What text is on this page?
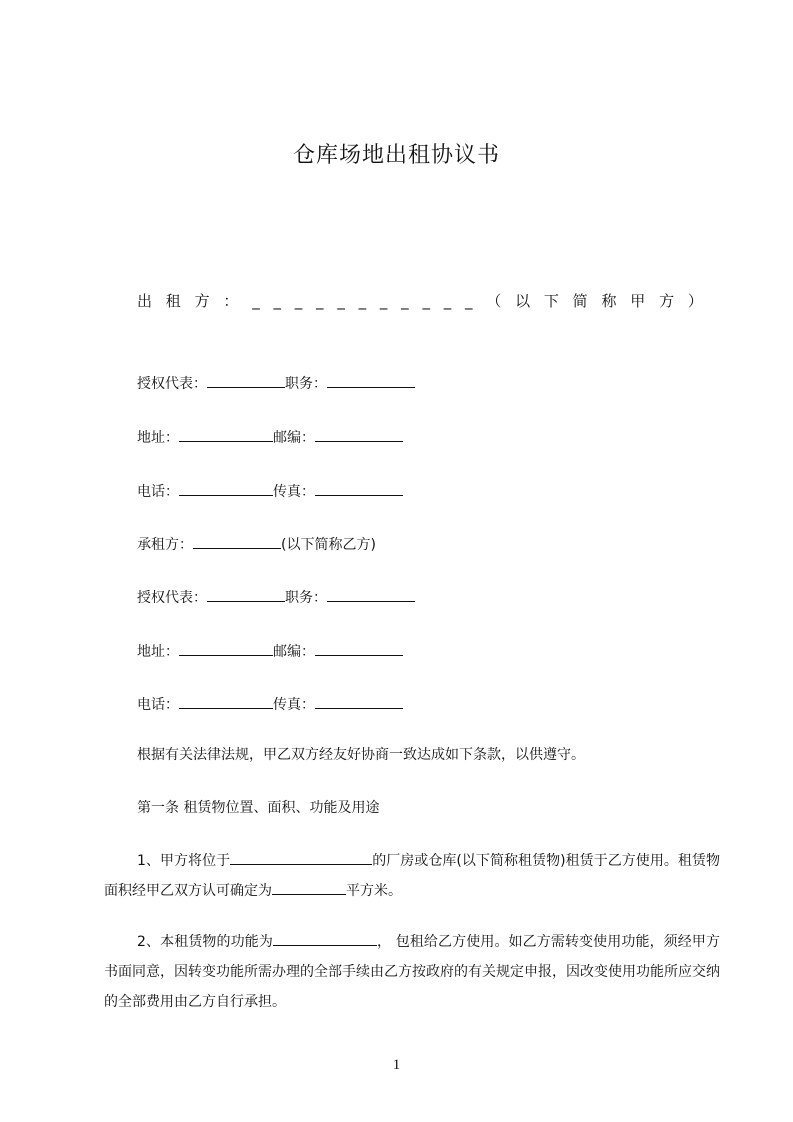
仓库场地出租协议书
出 租 方 ： _ _ _ _ _ _ _ _ _ _ _ （ 以 下 简 称 甲 方 ）
授权代表：	职务：
地址：	邮编：
电话：	传真：
承租方：	(以下简称乙方)
授权代表：	职务：
地址：	邮编：
电话：	传真：
根据有关法律法规，甲乙双方经友好协商一致达成如下条款，以供遵守。
第一条 租赁物位置、面积、功能及用途
1、甲方将位于	的厂房或仓库(以下简称租赁物)租赁于乙方使用。租赁物面积经甲乙双方认可确定为	平方米。
2、本租赁物的功能为	， 包租给乙方使用。如乙方需转变使用功能，须经甲方书面同意，因转变功能所需办理的全部手续由乙方按政府的有关规定申报，因改变使用功能所应交纳的全部费用由乙方自行承担。
1
